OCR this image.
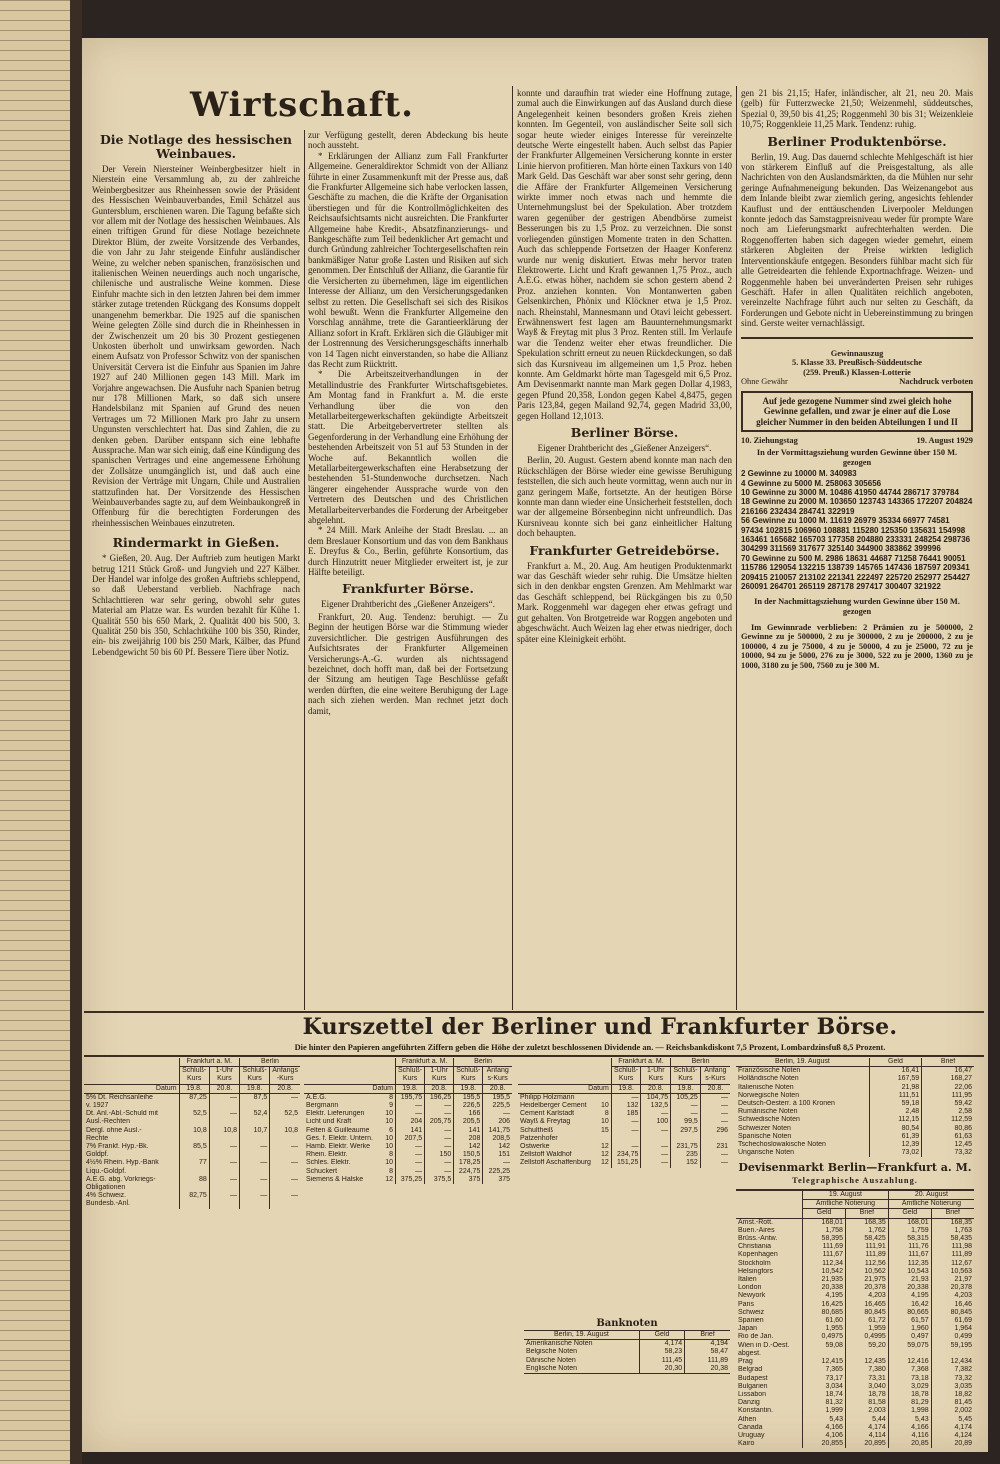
Wirtschaft.
Die Notlage des hessischen Weinbaues.

Der Verein Niersteiner Weinbergbesitzer hielt in Nierstein eine Versammlung ab, zu der zahlreiche Weinbergbesitzer aus Rheinhessen sowie der Präsident des Hessischen Weinbauverbandes, Emil Schätzel aus Guntersblum, erschienen waren. Die Tagung befaßte sich vor allem mit der Notlage des hessischen Weinbaues. Als einen triftigen Grund für diese Notlage bezeichnete Direktor Blüm, der zweite Vorsitzende des Verbandes, die von Jahr zu Jahr steigende Einfuhr ausländischer Weine, zu welcher neben spanischen, französischen und italienischen Weinen neuerdings auch noch ungarische, chilenische und australische Weine kommen. Diese Einfuhr machte sich in den letzten Jahren bei dem immer stärker zutage tretenden Rückgang des Konsums doppelt unangenehm bemerkbar. Die 1925 auf die spanischen Weine gelegten Zölle sind durch die in Rheinhessen in der Zwischenzeit um 20 bis 30 Prozent gestiegenen Unkosten überholt und unwirksam geworden. Nach einem Aufsatz von Professor Schwitz von der spanischen Universität Cervera ist die Einfuhr aus Spanien im Jahre 1927 auf 240 Millionen gegen 143 Mill. Mark im Vorjahre angewachsen. Die Ausfuhr nach Spanien betrug nur 178 Millionen Mark, so daß sich unsere Handelsbilanz mit Spanien auf Grund des neuen Vertrages um 72 Millionen Mark pro Jahr zu unsern Ungunsten verschlechtert hat. Das sind Zahlen, die zu denken geben. Darüber entspann sich eine lebhafte Aussprache. Man war sich einig, daß eine Kündigung des spanischen Vertrages und eine angemessene Erhöhung der Zollsätze unumgänglich ist, und daß auch eine Revision der Verträge mit Ungarn, Chile und Australien stattzufinden hat. Der Vorsitzende des Hessischen Weinbauverbandes sagte zu, auf dem Weinbaukongreß in Offenburg für die berechtigten Forderungen des rheinhessischen Weinbaues einzutreten.

Rindermarkt in Gießen.

* Gießen, 20. Aug. Der Auftrieb zum heutigen Markt betrug 1211 Stück Groß- und Jungvieh und 227 Kälber. Der Handel war infolge des großen Auftriebs schleppend, so daß Ueberstand verblieb. Nachfrage nach Schlachttieren war sehr gering, obwohl sehr gutes Material am Platze war. Es wurden bezahlt für Kühe 1. Qualität 550 bis 650 Mark, 2. Qualität 400 bis 500, 3. Qualität 250 bis 350, Schlachtkühe 100 bis 350, Rinder, ein- bis zweijährig 100 bis 250 Mark, Kälber, das Pfund Lebendgewicht 50 bis 60 Pf. Bessere Tiere über Notiz.

zur Verfügung gestellt, deren Abdeckung bis heute noch aussteht.

* Erklärungen der Allianz zum Fall Frankfurter Allgemeine. Generaldirektor Schmidt von der Allianz führte in einer Zusammenkunft mit der Presse aus, daß die Frankfurter Allgemeine sich habe verlocken lassen, Geschäfte zu machen, die die Kräfte der Organisation überstiegen und für die Kontrollmöglichkeiten des Reichsaufsichtsamts nicht ausreichten. Die Frankfurter Allgemeine habe Kredit-, Absatzfinanzierungs- und Bankgeschäfte zum Teil bedenklicher Art gemacht und durch Gründung zahlreicher Tochtergesellschaften rein bankmäßiger Natur große Lasten und Risiken auf sich genommen. Der Entschluß der Allianz, die Garantie für die Versicherten zu übernehmen, läge im eigentlichen Interesse der Allianz, um den Versicherungsgedanken selbst zu retten. Die Gesellschaft sei sich des Risikos wohl bewußt. Wenn die Frankfurter Allgemeine den Vorschlag annähme, trete die Garantieerklärung der Allianz sofort in Kraft. Erklären sich die Gläubiger mit der Lostrennung des Versicherungsgeschäfts innerhalb von 14 Tagen nicht einverstanden, so habe die Allianz das Recht zum Rücktritt.

* Die Arbeitszeitverhandlungen in der Metallindustrie des Frankfurter Wirtschaftsgebietes. Am Montag fand in Frankfurt a. M. die erste Verhandlung über die von den Metallarbeitergewerkschaften gekündigte Arbeitszeit statt. Die Arbeitgebervertreter stellten als Gegenforderung in der Verhandlung eine Erhöhung der bestehenden Arbeitszeit von 51 auf 53 Stunden in der Woche auf. Bekanntlich wollen die Metallarbeitergewerkschaften eine Herabsetzung der bestehenden 51-Stundenwoche durchsetzen. Nach längerer eingehender Aussprache wurde von den Vertretern des Deutschen und des Christlichen Metallarbeiterverbandes die Forderung der Arbeitgeber abgelehnt.

* 24 Mill. Mark Anleihe der Stadt Breslau. ... an dem Breslauer Konsortium und das von dem Bankhaus E. Dreyfus & Co., Berlin, geführte Konsortium, das durch Hinzutritt neuer Mitglieder erweitert ist, je zur Hälfte beteiligt.

Frankfurter Börse.
Eigener Drahtbericht des „Gießener Anzeigers“.

Frankfurt, 20. Aug. Tendenz: beruhigt. — Zu Beginn der heutigen Börse war die Stimmung wieder zuversichtlicher. Die gestrigen Ausführungen des Aufsichtsrates der Frankfurter Allgemeinen Versicherungs-A.-G. wurden als nichtssagend bezeichnet, doch hofft man, daß bei der Fortsetzung der Sitzung am heutigen Tage Beschlüsse gefaßt werden dürften, die eine weitere Beruhigung der Lage nach sich ziehen werden. Man rechnet jetzt doch damit,

konnte und daraufhin trat wieder eine Hoffnung zutage, zumal auch die Einwirkungen auf das Ausland durch diese Angelegenheit keinen besonders großen Kreis ziehen konnten. Im Gegenteil, von ausländischer Seite soll sich sogar heute wieder einiges Interesse für vereinzelte deutsche Werte eingestellt haben. Auch selbst das Papier der Frankfurter Allgemeinen Versicherung konnte in erster Linie hiervon profitieren. Man hörte einen Taxkurs von 140 Mark Geld. Das Geschäft war aber sonst sehr gering, denn die Affäre der Frankfurter Allgemeinen Versicherung wirkte immer noch etwas nach und hemmte die Unternehmungslust bei der Spekulation. Aber trotzdem waren gegenüber der gestrigen Abendbörse zumeist Besserungen bis zu 1,5 Proz. zu verzeichnen. Die sonst vorliegenden günstigen Momente traten in den Schatten. Auch das schleppende Fortsetzen der Haager Konferenz wurde nur wenig diskutiert. Etwas mehr hervor traten Elektrowerte. Licht und Kraft gewannen 1,75 Proz., auch A.E.G. etwas höher, nachdem sie schon gestern abend 2 Proz. anziehen konnten. Von Montanwerten gaben Gelsenkirchen, Phönix und Klöckner etwa je 1,5 Proz. nach. Rheinstahl, Mannesmann und Otavi leicht gebessert. Erwähnenswert fest lagen am Bauunternehmungsmarkt Wayß & Freytag mit plus 3 Proz. Renten still. Im Verlaufe war die Tendenz weiter eher etwas freundlicher. Die Spekulation schritt erneut zu neuen Rückdeckungen, so daß sich das Kursniveau im allgemeinen um 1,5 Proz. heben konnte. Am Geldmarkt hörte man Tagesgeld mit 6,5 Proz. Am Devisenmarkt nannte man Mark gegen Dollar 4,1983, gegen Pfund 20,358, London gegen Kabel 4,8475, gegen Paris 123,84, gegen Mailand 92,74, gegen Madrid 33,00, gegen Holland 12,1013.

Berliner Börse.
Eigener Drahtbericht des „Gießener Anzeigers“.

Berlin, 20. August. Gestern abend konnte man nach den Rückschlägen der Börse wieder eine gewisse Beruhigung feststellen, die sich auch heute vormittag, wenn auch nur in ganz geringem Maße, fortsetzte. An der heutigen Börse konnte man dann wieder eine Unsicherheit feststellen, doch war der allgemeine Börsenbeginn nicht unfreundlich. Das Kursniveau konnte sich bei ganz einheitlicher Haltung doch behaupten.

Frankfurter Getreidebörse.

Frankfurt a. M., 20. Aug. Am heutigen Produktenmarkt war das Geschäft wieder sehr ruhig. Die Umsätze hielten sich in den denkbar engsten Grenzen. Am Mehlmarkt war das Geschäft schleppend, bei Rückgängen bis zu 0,50 Mark. Roggenmehl war dagegen eher etwas gefragt und gut gehalten. Von Brotgetreide war Roggen angeboten und abgeschwächt. Auch Weizen lag eher etwas niedriger, doch später eine Kleinigkeit erhöht.

gen 21 bis 21,15; Hafer, inländischer, alt 21, neu 20. Mais (gelb) für Futterzwecke 21,50; Weizenmehl, süddeutsches, Spezial 0, 39,50 bis 41,25; Roggenmehl 30 bis 31; Weizenkleie 10,75; Roggenkleie 11,25 Mark. Tendenz: ruhig.

Berliner Produktenbörse.

Berlin, 19. Aug. Das dauernd schlechte Mehlgeschäft ist hier von stärkerem Einfluß auf die Preisgestaltung, als alle Nachrichten von den Auslandsmärkten, da die Mühlen nur sehr geringe Aufnahmeneigung bekunden. Das Weizenangebot aus dem Inlande bleibt zwar ziemlich gering, angesichts fehlender Kauflust und der enttäuschenden Liverpooler Meldungen konnte jedoch das Samstagpreisniveau weder für prompte Ware noch am Lieferungsmarkt aufrechterhalten werden. Die Roggenofferten haben sich dagegen wieder gemehrt, einem stärkeren Abgleiten der Preise wirkten lediglich Interventionskäufe entgegen. Besonders fühlbar macht sich für alle Getreidearten die fehlende Exportnachfrage. Weizen- und Roggenmehle haben bei unveränderten Preisen sehr ruhiges Geschäft. Hafer in allen Qualitäten reichlich angeboten, vereinzelte Nachfrage führt auch nur selten zu Geschäft, da Forderungen und Gebote nicht in Uebereinstimmung zu bringen sind. Gerste weiter vernachlässigt.

Gewinnauszug
5. Klasse 33. Preußisch-Süddeutsche
(259. Preuß.) Klassen-Lotterie
Ohne Gewähr	Nachdruck verboten
Auf jede gezogene Nummer sind zwei gleich hohe Gewinne gefallen, und zwar je einer auf die Lose gleicher Nummer in den beiden Abteilungen I und II
10. Ziehungstag	19. August 1929
In der Vormittagsziehung wurden Gewinne über 150 M. gezogen
2 Gewinne zu 10000 M. 340983
4 Gewinne zu 5000 M. 258063 305656
10 Gewinne zu 3000 M. 10486 41950 44744 286717 379784
18 Gewinne zu 2000 M. 103650 123743 143365 172207 204824 216166 232434 284741 322919
56 Gewinne zu 1000 M. 11619 26979 35334 66977 74581 97434 102815 106960 108881 115280 125350 135631 154998 163461 165682 165703 177358 204880 233331 248254 298736 304299 311569 317677 325140 344900 383862 399996
70 Gewinne zu 500 M. 2986 18631 44687 71258 76441 90051 115786 129054 132215 138739 145765 147436 187597 209341 209415 210057 213102 221341 222497 225720 252977 254427 260091 264701 265119 287178 297417 300407 321922
In der Nachmittagsziehung wurden Gewinne über 150 M. gezogen

Im Gewinnrade verblieben: 2 Prämien zu je 500000, 2 Gewinne zu je 500000, 2 zu je 300000, 2 zu je 200000, 2 zu je 100000, 4 zu je 75000, 4 zu je 50000, 4 zu je 25000, 72 zu je 10000, 94 zu je 5000, 276 zu je 3000, 522 zu je 2000, 1360 zu je 1000, 3180 zu je 500, 7560 zu je 300 M.

Kurszettel der Berliner und Frankfurter Börse.
Die hinter den Papieren angeführten Ziffern geben die Höhe der zuletzt beschlossenen Dividende an. — Reichsbankdiskont 7,5 Prozent, Lombardzinsfuß 8,5 Prozent.
		Frankfurt a. M.		Berlin	
		Schluß-Kurs	1-Uhr Kurs	Schluß-Kurs	Anfangs-Kurs
Datum		19.8.	20.8.	19.8.	20.8.
5% Dt. Reichsanleihe v. 1927		87,25	—	87,5	—
Dt. Anl.-Abl.-Schuld mit Ausl.-Rechten		52,5	—	52,4	52,5
Dergl. ohne Ausl.-Rechte		10,8	10,8	10,7	10,8
7% Frankf. Hyp.-Bk. Goldpf.		85,5	—	—	—
4½% Rhein. Hyp.-Bank Liqu.-Goldpf.		77	—	—	—
A.E.G. abg. Vorkriegs-Obligationen		88	—	—	—
4% Schweiz. Bundesb.-Anl.		82,75	—	—	—
		Frankfurt a. M.		Berlin	
		Schluß-Kurs	1-Uhr Kurs	Schluß-Kurs	Anfangs-Kurs
Datum		19.8.	20.8.	19.8.	20.8.
A.E.G.	8	195,75	196,25	195,5	195,5
Bergmann	9	—	—	226,5	225,5
Elektr. Lieferungen	10	—	—	166	—
Licht und Kraft	10	204	205,75	205,5	206
Felten & Guilleaume	6	141	—	141	141,75
Ges. f. Elektr. Untern.	10	207,5	—	208	208,5
Hamb. Elektr. Werke	10	—	—	142	142
Rhein. Elektr.	8	—	150	150,5	151
Schles. Elektr.	10	—	—	178,25	—
Schuckert	8	—	—	224,75	225,25
Siemens & Halske	12	375,25	375,5	375	375
		Frankfurt a. M.		Berlin	
		Schluß-Kurs	1-Uhr Kurs	Schluß-Kurs	Anfangs-Kurs
Datum		19.8.	20.8.	19.8.	20.8.
Philipp Holzmann		—	104,75	105,25	—
Heidelberger Cement	10	132	132,5	—	—
Cement Karlstadt	8	185	—	—	—
Wayß & Freytag	10	—	100	99,5	—
Schultheiß Patzenhofer	15	—	—	297,5	296
Ostwerke	12	—	—	231,75	231
Zellstoff Waldhof	12	234,75	—	235	—
Zellstoff Aschaffenburg	12	151,25	—	152	—
Berlin, 19. August	Geld	Brief
Französische Noten	16,41	16,47
Holländische Noten	167,59	168,27
Italienische Noten	21,98	22,06
Norwegische Noten	111,51	111,95
Deutsch-Oesterr. à 100 Kronen	59,18	59,42
Rumänische Noten	2,48	2,58
Schwedische Noten	112,15	112,59
Schweizer Noten	80,54	80,86
Spanische Noten	61,39	61,63
Tschechoslowakische Noten	12,39	12,45
Ungarische Noten	73,02	73,32
Devisenmarkt Berlin—Frankfurt a. M.
Telegraphische Auszahlung.
	19. August		20. August	
	Amtliche Notierung		Amtliche Notierung	
	Geld	Brief	Geld	Brief
Amst.-Rott.	168,01	168,35	168,01	168,35
Buen.-Aires	1,758	1,762	1,759	1,763
Brüss.-Antw.	58,395	58,425	58,315	58,435
Christiania	111,69	111,91	111,76	111,98
Kopenhagen	111,67	111,89	111,67	111,89
Stockholm	112,34	112,56	112,35	112,67
Helsingfors	10,542	10,562	10,543	10,563
Italien	21,935	21,975	21,93	21,97
London	20,338	20,378	20,338	20,378
Newyork	4,195	4,203	4,195	4,203
Paris	16,425	16,465	16,42	16,46
Schweiz	80,685	80,845	80,665	80,845
Spanien	61,60	61,72	61,57	61,69
Japan	1,955	1,959	1,960	1,964
Rio de Jan.	0,4975	0,4995	0,497	0,499
Wien in D.-Oest. abgest.	59,08	59,20	59,075	59,195
Prag	12,415	12,435	12,416	12,434
Belgrad	7,365	7,380	7,368	7,382
Budapest	73,17	73,31	73,18	73,32
Bulgarien	3,034	3,040	3,029	3,035
Lissabon	18,74	18,78	18,78	18,82
Danzig	81,32	81,58	81,29	81,45
Konstantin.	1,999	2,003	1,998	2,002
Athen	5,43	5,44	5,43	5,45
Canada	4,166	4,174	4,166	4,174
Uruguay	4,106	4,114	4,116	4,124
Kairo	20,855	20,895	20,85	20,89
Banknoten
Berlin, 19. August	Geld	Brief
Amerikanische Noten	4,174	4,194
Belgische Noten	58,23	58,47
Dänische Noten	111,45	111,89
Englische Noten	20,30	20,38
